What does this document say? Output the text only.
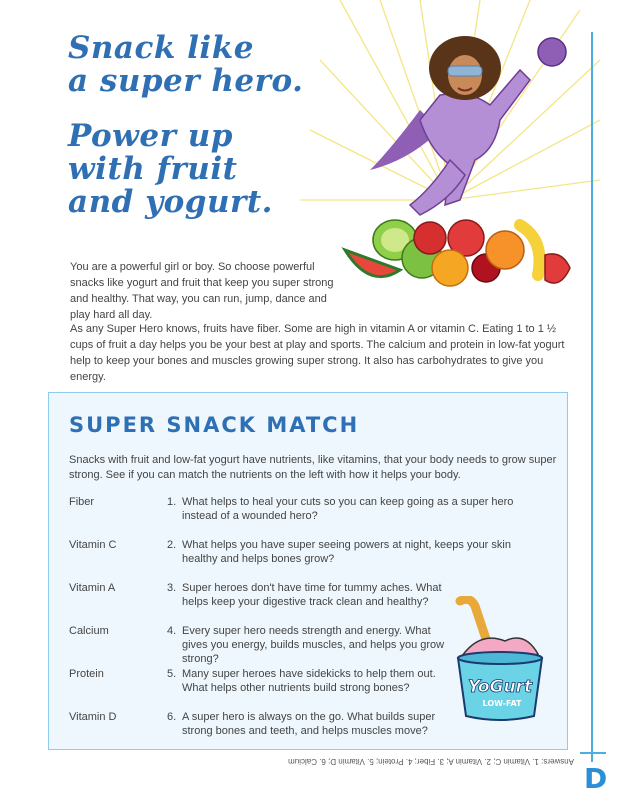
Snack like
a super hero.
Power up
with fruit
and yogurt.

You are a powerful girl or boy. So choose powerful snacks like yogurt and fruit that keep you super strong and healthy. That way, you can run, jump, dance and play hard all day.

As any Super Hero knows, fruits have fiber. Some are high in vitamin A or vitamin C. Eating 1 to 1 ½ cups of fruit a day helps you be your best at play and sports. The calcium and protein in low-fat yogurt help to keep your bones and muscles growing super strong. It also has carbohydrates to give you energy.

SUPER SNACK MATCH
Snacks with fruit and low-fat yogurt have nutrients, like vitamins, that your body needs to grow super strong. See if you can match the nutrients on the left with how it helps your body.
Fiber	1. What helps to heal your cuts so you can keep going as a super hero instead of a wounded hero?
Vitamin C	2. What helps you have super seeing powers at night, keeps your skin healthy and helps bones grow?
Vitamin A	3. Super heroes don't have time for tummy aches. What helps keep your digestive track clean and healthy?
Calcium	4. Every super hero needs strength and energy. What gives you energy, builds muscles, and helps you grow strong?
Protein	5. Many super heroes have sidekicks to help them out. What helps other nutrients build strong bones?
Vitamin D	6. A super hero is always on the go. What builds super strong bones and teeth, and helps muscles move?
YoGurt
LOW-FAT
Answers: 1. Vitamin C; 2. Vitamin A; 3. Fiber; 4. Protein; 5. Vitamin D; 6. Calcium
D
